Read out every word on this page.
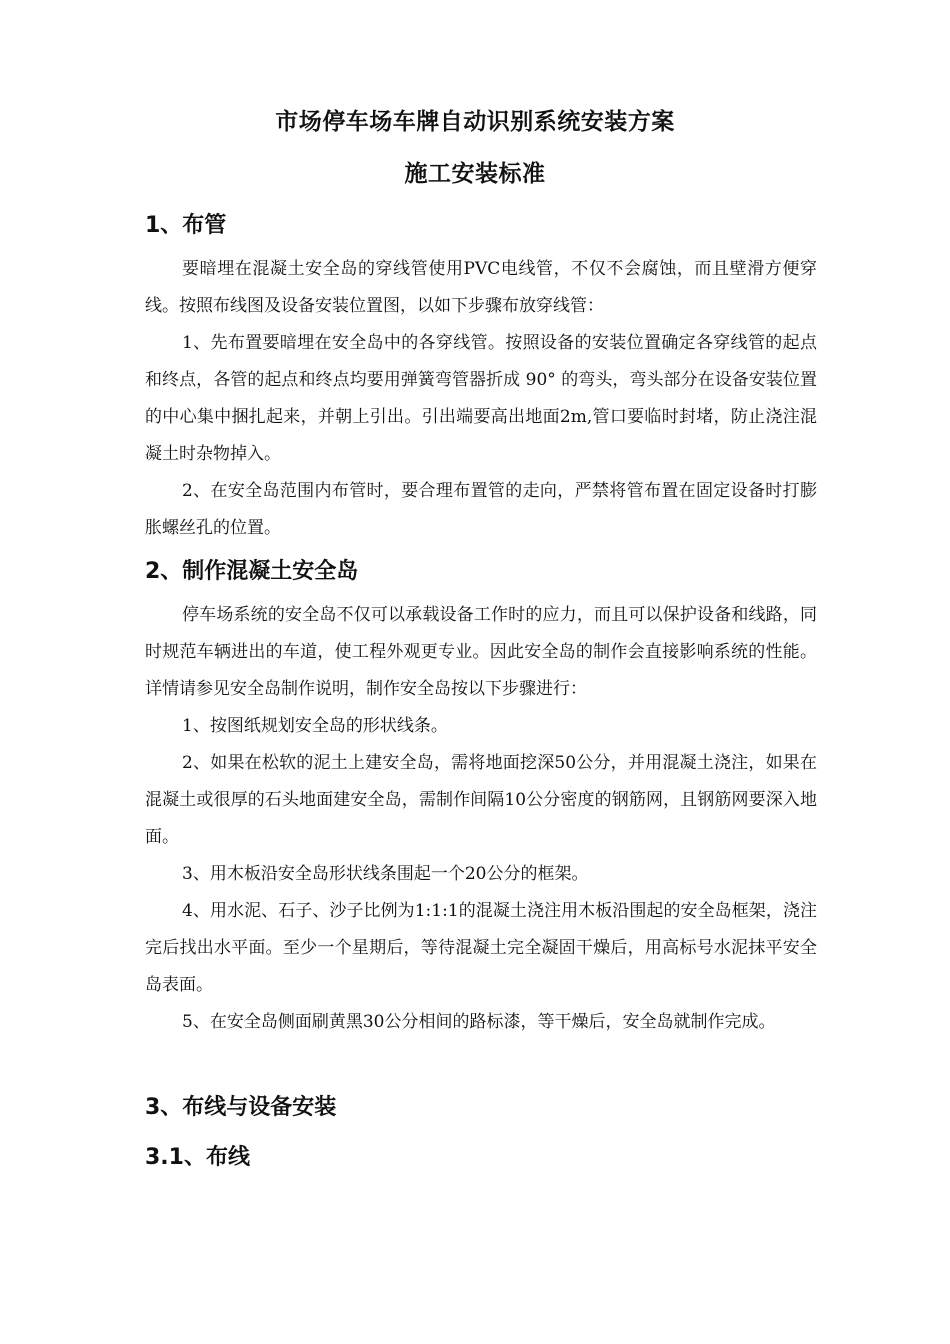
市场停车场车牌自动识别系统安装方案
施工安装标准
1、布管
要暗埋在混凝土安全岛的穿线管使用PVC电线管，不仅不会腐蚀，而且壁滑方便穿线。按照布线图及设备安装位置图，以如下步骤布放穿线管：
1、先布置要暗埋在安全岛中的各穿线管。按照设备的安装位置确定各穿线管的起点和终点，各管的起点和终点均要用弹簧弯管器折成 90° 的弯头，弯头部分在设备安装位置的中心集中捆扎起来，并朝上引出。引出端要高出地面2m,管口要临时封堵，防止浇注混凝土时杂物掉入。
2、在安全岛范围内布管时，要合理布置管的走向，严禁将管布置在固定设备时打膨胀螺丝孔的位置。
2、制作混凝土安全岛
停车场系统的安全岛不仅可以承载设备工作时的应力，而且可以保护设备和线路，同时规范车辆进出的车道，使工程外观更专业。因此安全岛的制作会直接影响系统的性能。详情请参见安全岛制作说明，制作安全岛按以下步骤进行：
1、按图纸规划安全岛的形状线条。
2、如果在松软的泥土上建安全岛，需将地面挖深50公分，并用混凝土浇注，如果在混凝土或很厚的石头地面建安全岛，需制作间隔10公分密度的钢筋网，且钢筋网要深入地面。
3、用木板沿安全岛形状线条围起一个20公分的框架。
4、用水泥、石子、沙子比例为1:1:1的混凝土浇注用木板沿围起的安全岛框架，浇注完后找出水平面。至少一个星期后，等待混凝土完全凝固干燥后，用高标号水泥抹平安全岛表面。
5、在安全岛侧面刷黄黑30公分相间的路标漆，等干燥后，安全岛就制作完成。
3、布线与设备安装
3.1、布线
